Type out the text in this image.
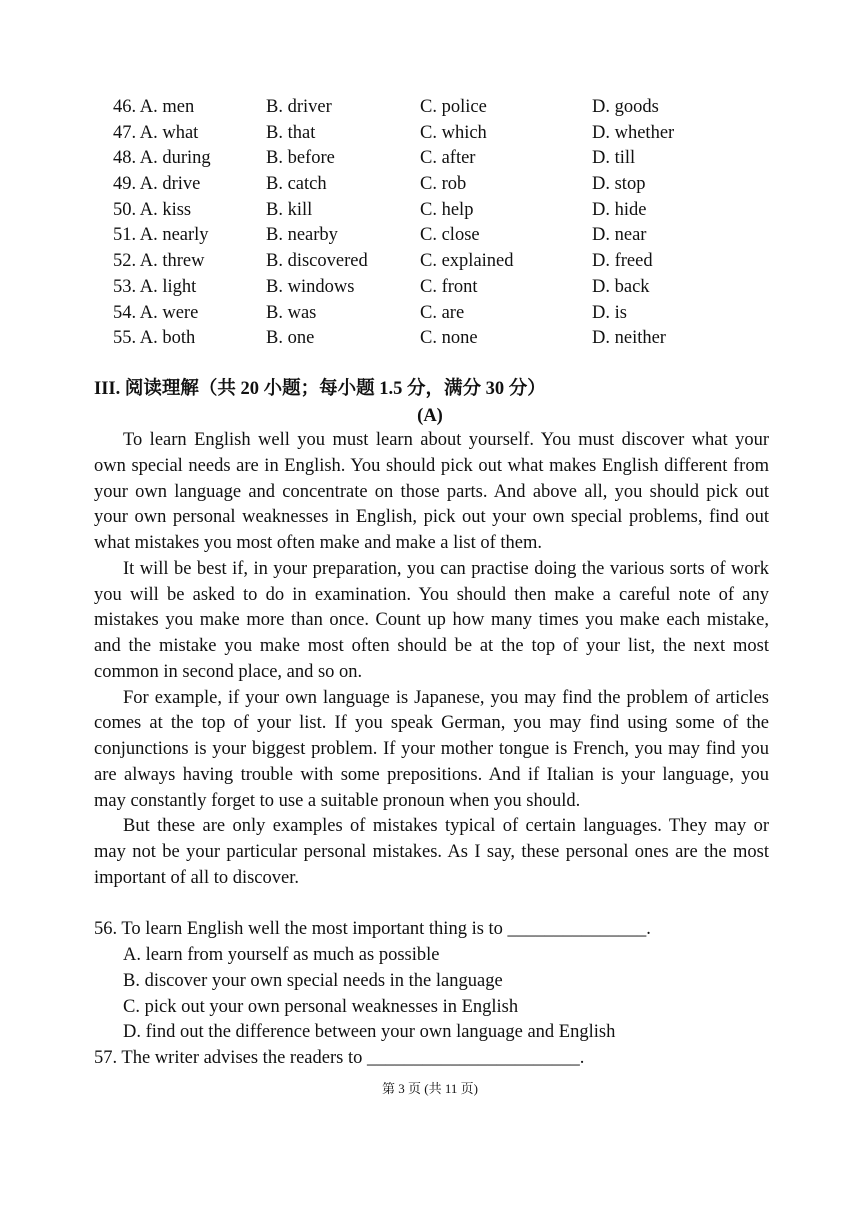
46. A. men	B. driver	C. police	D. goods
47. A. what	B. that	C. which	D. whether
48. A. during	B. before	C. after	D. till
49. A. drive	B. catch	C. rob	D. stop
50. A. kiss	B. kill	C. help	D. hide
51. A. nearly	B. nearby	C. close	D. near
52. A. threw	B. discovered	C. explained	D. freed
53. A. light	B. windows	C. front	D. back
54. A. were	B. was	C. are	D. is
55. A. both	B. one	C. none	D. neither
III. 阅读理解（共 20 小题；每小题 1.5 分，满分 30 分）
(A)

To learn English well you must learn about yourself. You must discover what your own special needs are in English. You should pick out what makes English different from your own language and concentrate on those parts. And above all, you should pick out your own personal weaknesses in English, pick out your own special problems, find out what mistakes you most often make and make a list of them.

It will be best if, in your preparation, you can practise doing the various sorts of work you will be asked to do in examination. You should then make a careful note of any mistakes you make more than once. Count up how many times you make each mistake, and the mistake you make most often should be at the top of your list, the next most common in second place, and so on.

For example, if your own language is Japanese, you may find the problem of articles comes at the top of your list. If you speak German, you may find using some of the conjunctions is your biggest problem. If your mother tongue is French, you may find you are always having trouble with some prepositions. And if Italian is your language, you may constantly forget to use a suitable pronoun when you should.

But these are only examples of mistakes typical of certain languages. They may or may not be your particular personal mistakes. As I say, these personal ones are the most important of all to discover.

56. To learn English well the most important thing is to _______________.
A. learn from yourself as much as possible
B. discover your own special needs in the language
C. pick out your own personal weaknesses in English
D. find out the difference between your own language and English
57. The writer advises the readers to _______________________.
第 3 页 (共 11 页)
